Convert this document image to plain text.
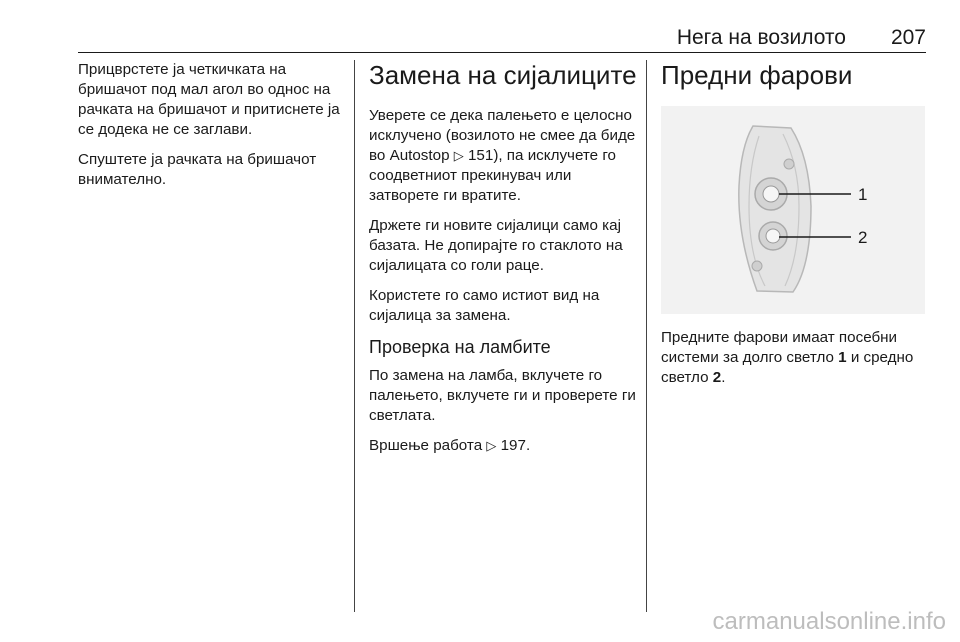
Нега на возилото 207

Прицврстете ја четкичката на бришачот под мал агол во однос на рачката на бришачот и притиснете ја се додека не се заглави.

Спуштете ја рачката на бришачот внимателно.

Замена на сијалиците

Уверете се дека палењето е целосно исклучено (возилото не смее да биде во Autostop ▷ 151), па исклучете го соодветниот прекинувач или затворете ги вратите.

Држете ги новите сијалици само кај базата. Не допирајте го стаклото на сијалицата со голи раце.

Користете го само истиот вид на сијалица за замена.

Проверка на ламбите

По замена на ламба, вклучете го палењето, вклучете ги и проверете ги светлата.

Вршење работа ▷ 197.

Предни фарови
1
2

Предните фарови имаат посебни системи за долго светло 1 и средно светло 2.

carmanualsonline.info
